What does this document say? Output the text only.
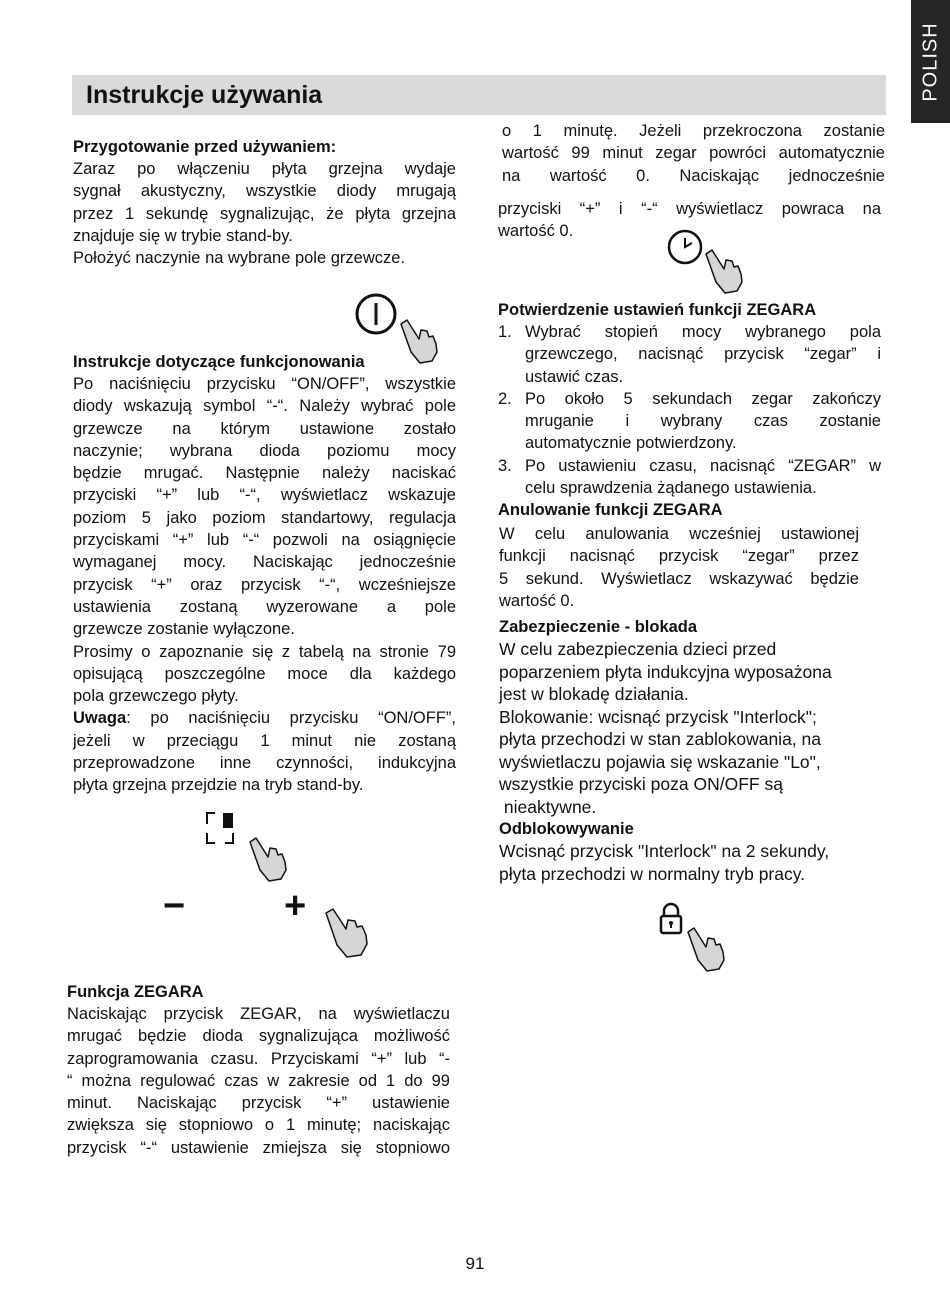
POLISH
Instrukcje używania
Przygotowanie przed używaniem:

Zaraz po włączeniu płyta grzejna wydaje

sygnał akustyczny, wszystkie diody mrugają

przez 1 sekundę sygnalizując, że płyta grzejna

znajduje się w trybie stand-by.

Położyć naczynie na wybrane pole grzewcze.

Instrukcje dotyczące funkcjonowania

Po naciśnięciu przycisku “ON/OFF”, wszystkie

diody wskazują symbol “-“. Należy wybrać pole

grzewcze na którym ustawione zostało

naczynie; wybrana dioda poziomu mocy

będzie mrugać. Następnie należy naciskać

przyciski “+” lub “-“, wyświetlacz wskazuje

poziom 5 jako poziom standartowy, regulacja

przyciskami “+” lub “-“ pozwoli na osiągnięcie

wymaganej mocy. Naciskając jednocześnie

przycisk “+” oraz przycisk “-“, wcześniejsze

ustawienia zostaną wyzerowane a pole

grzewcze zostanie wyłączone.

Prosimy o zapoznanie się z tabelą na stronie 79

opisującą poszczególne moce dla każdego

pola grzewczego płyty.

Uwaga: po naciśnięciu przycisku “ON/OFF”,

jeżeli w przeciągu 1 minut nie zostaną

przeprowadzone inne czynności, indukcyjna

płyta grzejna przejdzie na tryb stand-by.

−	+
Funkcja ZEGARA

Naciskając przycisk ZEGAR, na wyświetlaczu

mrugać będzie dioda sygnalizująca możliwość

zaprogramowania czasu. Przyciskami “+” lub “-

“ można regulować czas w zakresie od 1 do 99

minut. Naciskając przycisk “+” ustawienie

zwiększa się stopniowo o 1 minutę; naciskając

przycisk “-“ ustawienie zmiejsza się stopniowo

o 1 minutę. Jeżeli przekroczona zostanie

wartość 99 minut zegar powróci automatycznie

na wartość 0. Naciskając jednocześnie

przyciski “+” i “-“ wyświetlacz powraca na

wartość 0.

Potwierdzenie ustawień funkcji ZEGARA
1. Wybrać stopień mocy wybranego pola

grzewczego, nacisnąć przycisk “zegar” i

ustawić czas.

2. Po około 5 sekundach zegar zakończy

mruganie i wybrany czas zostanie

automatycznie potwierdzony.

3. Po ustawieniu czasu, nacisnąć “ZEGAR” w

celu sprawdzenia żądanego ustawienia.

Anulowanie funkcji ZEGARA

W celu anulowania wcześniej ustawionej

funkcji nacisnąć przycisk “zegar” przez

5 sekund. Wyświetlacz wskazywać będzie

wartość 0.

Zabezpieczenie - blokada

W celu zabezpieczenia dzieci przed

poparzeniem płyta indukcyjna wyposażona

jest w blokadę działania.

Blokowanie: wcisnąć przycisk "Interlock";

płyta przechodzi w stan zablokowania, na

wyświetlaczu pojawia się wskazanie "Lo",

wszystkie przyciski poza ON/OFF są

nieaktywne.

Odblokowywanie

Wcisnąć przycisk "Interlock" na 2 sekundy,

płyta przechodzi w normalny tryb pracy.

91
